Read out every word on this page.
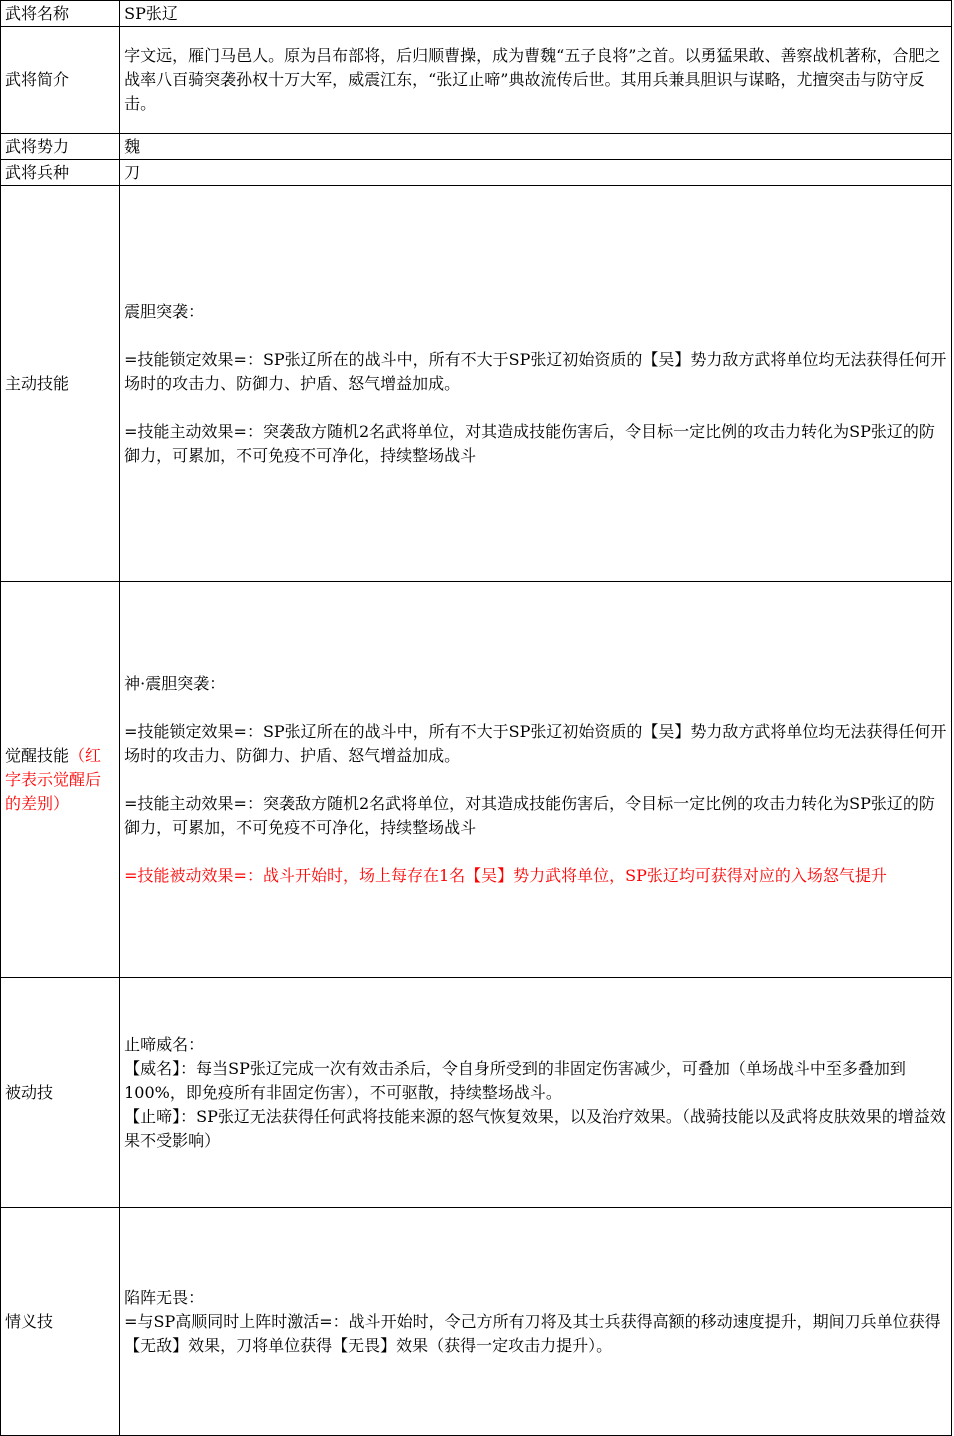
武将名称	SP张辽
武将简介	字文远，雁门马邑人。原为吕布部将，后归顺曹操，成为曹魏“五子良将”之首。以勇猛果敢、善察战机著称，合肥之战率八百骑突袭孙权十万大军，威震江东，“张辽止啼”典故流传后世。其用兵兼具胆识与谋略，尤擅突击与防守反击。

武将势力	魏
武将兵种	刀
主动技能	震胆突袭：

=技能锁定效果=：SP张辽所在的战斗中，所有不大于SP张辽初始资质的【吴】势力敌方武将单位均无法获得任何开场时的攻击力、防御力、护盾、怒气增益加成。

=技能主动效果=：突袭敌方随机2名武将单位，对其造成技能伤害后，令目标一定比例的攻击力转化为SP张辽的防御力，可累加，不可免疫不可净化，持续整场战斗

觉醒技能（红字表示觉醒后的差别）	神·震胆突袭：

=技能锁定效果=：SP张辽所在的战斗中，所有不大于SP张辽初始资质的【吴】势力敌方武将单位均无法获得任何开场时的攻击力、防御力、护盾、怒气增益加成。

=技能主动效果=：突袭敌方随机2名武将单位，对其造成技能伤害后，令目标一定比例的攻击力转化为SP张辽的防御力，可累加，不可免疫不可净化，持续整场战斗

=技能被动效果=：战斗开始时，场上每存在1名【吴】势力武将单位，SP张辽均可获得对应的入场怒气提升

被动技	止啼威名：

【威名】：每当SP张辽完成一次有效击杀后，令自身所受到的非固定伤害减少，可叠加（单场战斗中至多叠加到100%，即免疫所有非固定伤害），不可驱散，持续整场战斗。

【止啼】：SP张辽无法获得任何武将技能来源的怒气恢复效果，以及治疗效果。（战骑技能以及武将皮肤效果的增益效果不受影响）

情义技	陷阵无畏：

=与SP高顺同时上阵时激活=：战斗开始时，令己方所有刀将及其士兵获得高额的移动速度提升，期间刀兵单位获得【无敌】效果，刀将单位获得【无畏】效果（获得一定攻击力提升）。
